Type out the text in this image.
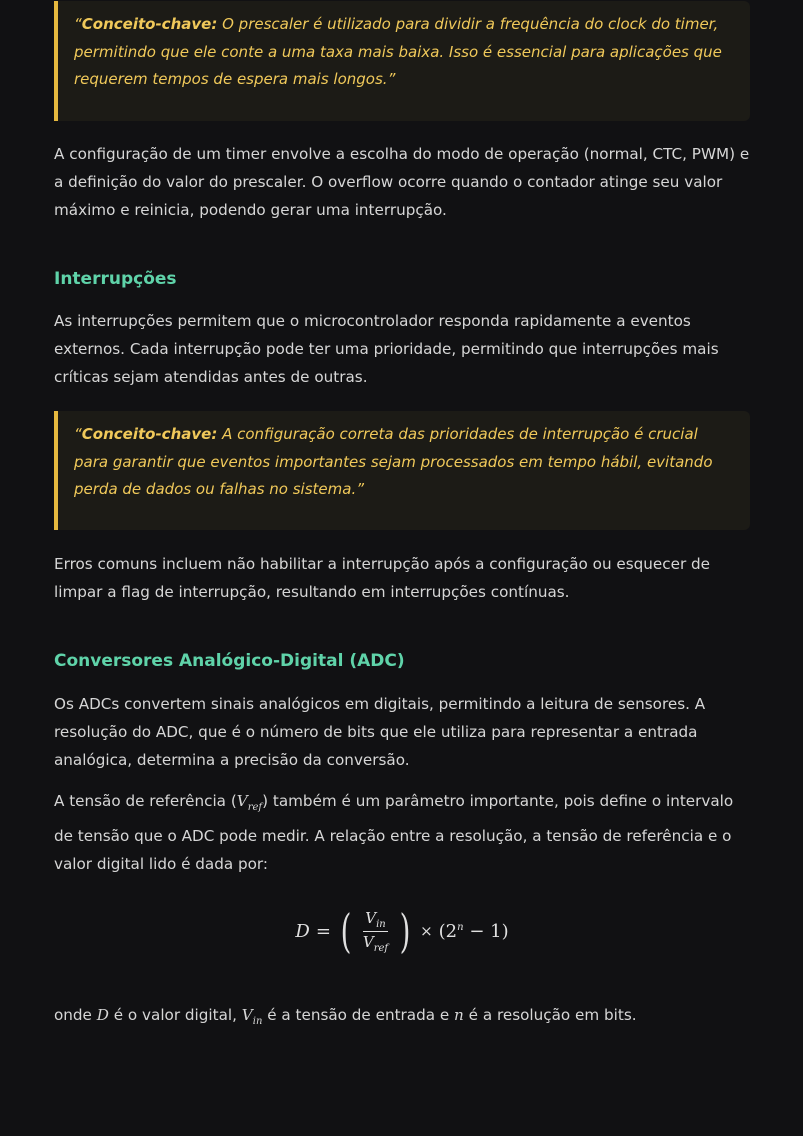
“Conceito-chave: O prescaler é utilizado para dividir a frequência do clock do timer, permitindo que ele conte a uma taxa mais baixa. Isso é essencial para aplicações que requerem tempos de espera mais longos.”

A configuração de um timer envolve a escolha do modo de operação (normal, CTC, PWM) e a definição do valor do prescaler. O overflow ocorre quando o contador atinge seu valor máximo e reinicia, podendo gerar uma interrupção.

Interrupções

As interrupções permitem que o microcontrolador responda rapidamente a eventos externos. Cada interrupção pode ter uma prioridade, permitindo que interrupções mais críticas sejam atendidas antes de outras.

“Conceito-chave: A configuração correta das prioridades de interrupção é crucial para garantir que eventos importantes sejam processados em tempo hábil, evitando perda de dados ou falhas no sistema.”

Erros comuns incluem não habilitar a interrupção após a configuração ou esquecer de limpar a flag de interrupção, resultando em interrupções contínuas.

Conversores Analógico-Digital (ADC)

Os ADCs convertem sinais analógicos em digitais, permitindo a leitura de sensores. A resolução do ADC, que é o número de bits que ele utiliza para representar a entrada analógica, determina a precisão da conversão.

A tensão de referência $(V_{ref})$ também é um parâmetro importante, pois define o intervalo de tensão que o ADC pode medir. A relação entre a resolução, a tensão de referência e o valor digital lido é dada por:

D = ( $\frac{V_{in}}{V_{ref}}$ ) × $(2^n - 1)$

onde D é o valor digital, $V_{in}$ é a tensão de entrada e n é a resolução em bits.
